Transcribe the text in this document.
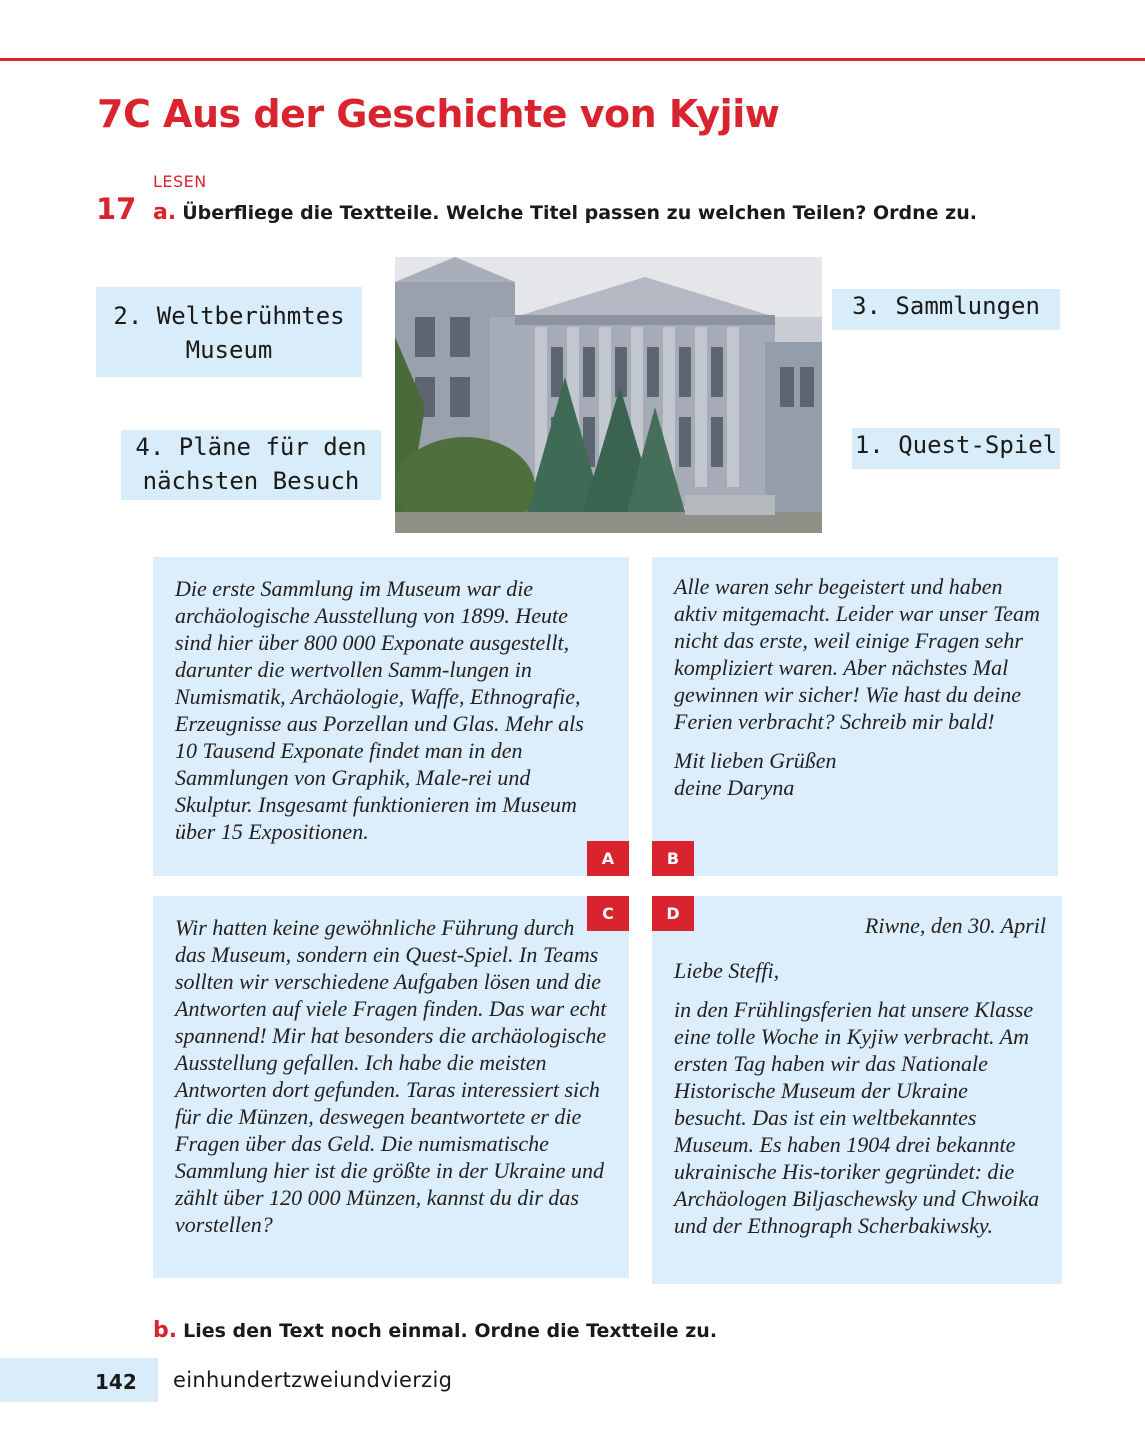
7C Aus der Geschichte von Kyjiw
LESEN
17 a. Überfliege die Textteile. Welche Titel passen zu welchen Teilen? Ordne zu.
2. Weltberühmtes
Museum
3. Sammlungen
4. Pläne für den
nächsten Besuch
1. Quest-Spiel

Die erste Sammlung im Museum war die archäologische Ausstellung von 1899. Heute sind hier über 800 000 Exponate ausgestellt, darunter die wertvollen Samm-lungen in Numismatik, Archäologie, Waffe, Ethnografie, Erzeugnisse aus Porzellan und Glas. Mehr als 10 Tausend Exponate findet man in den Sammlungen von Graphik, Male-rei und Skulptur. Insgesamt funktionieren im Museum über 15 Expositionen.

Alle waren sehr begeistert und haben aktiv mitgemacht. Leider war unser Team nicht das erste, weil einige Fragen sehr kompliziert waren. Aber nächstes Mal gewinnen wir sicher! Wie hast du deine Ferien verbracht? Schreib mir bald!

Mit lieben Grüßen

deine Daryna

Wir hatten keine gewöhnliche Führung durch das Museum, sondern ein Quest-Spiel. In Teams sollten wir verschiedene Aufgaben lösen und die Antworten auf viele Fragen finden. Das war echt spannend! Mir hat besonders die archäologische Ausstellung gefallen. Ich habe die meisten Antworten dort gefunden. Taras interessiert sich für die Münzen, deswegen beantwortete er die Fragen über das Geld. Die numismatische Sammlung hier ist die größte in der Ukraine und zählt über 120 000 Münzen, kannst du dir das vorstellen?

Riwne, den 30. April

Liebe Steffi,

in den Frühlingsferien hat unsere Klasse eine tolle Woche in Kyjiw verbracht. Am ersten Tag haben wir das Nationale Historische Museum der Ukraine besucht. Das ist ein weltbekanntes Museum. Es haben 1904 drei bekannte ukrainische His-toriker gegründet: die Archäologen Biljaschewsky und Chwoika und der Ethnograph Scherbakiwsky.

A	B
C	D
b. Lies den Text noch einmal. Ordne die Textteile zu.
142 einhundertzweiundvierzig
